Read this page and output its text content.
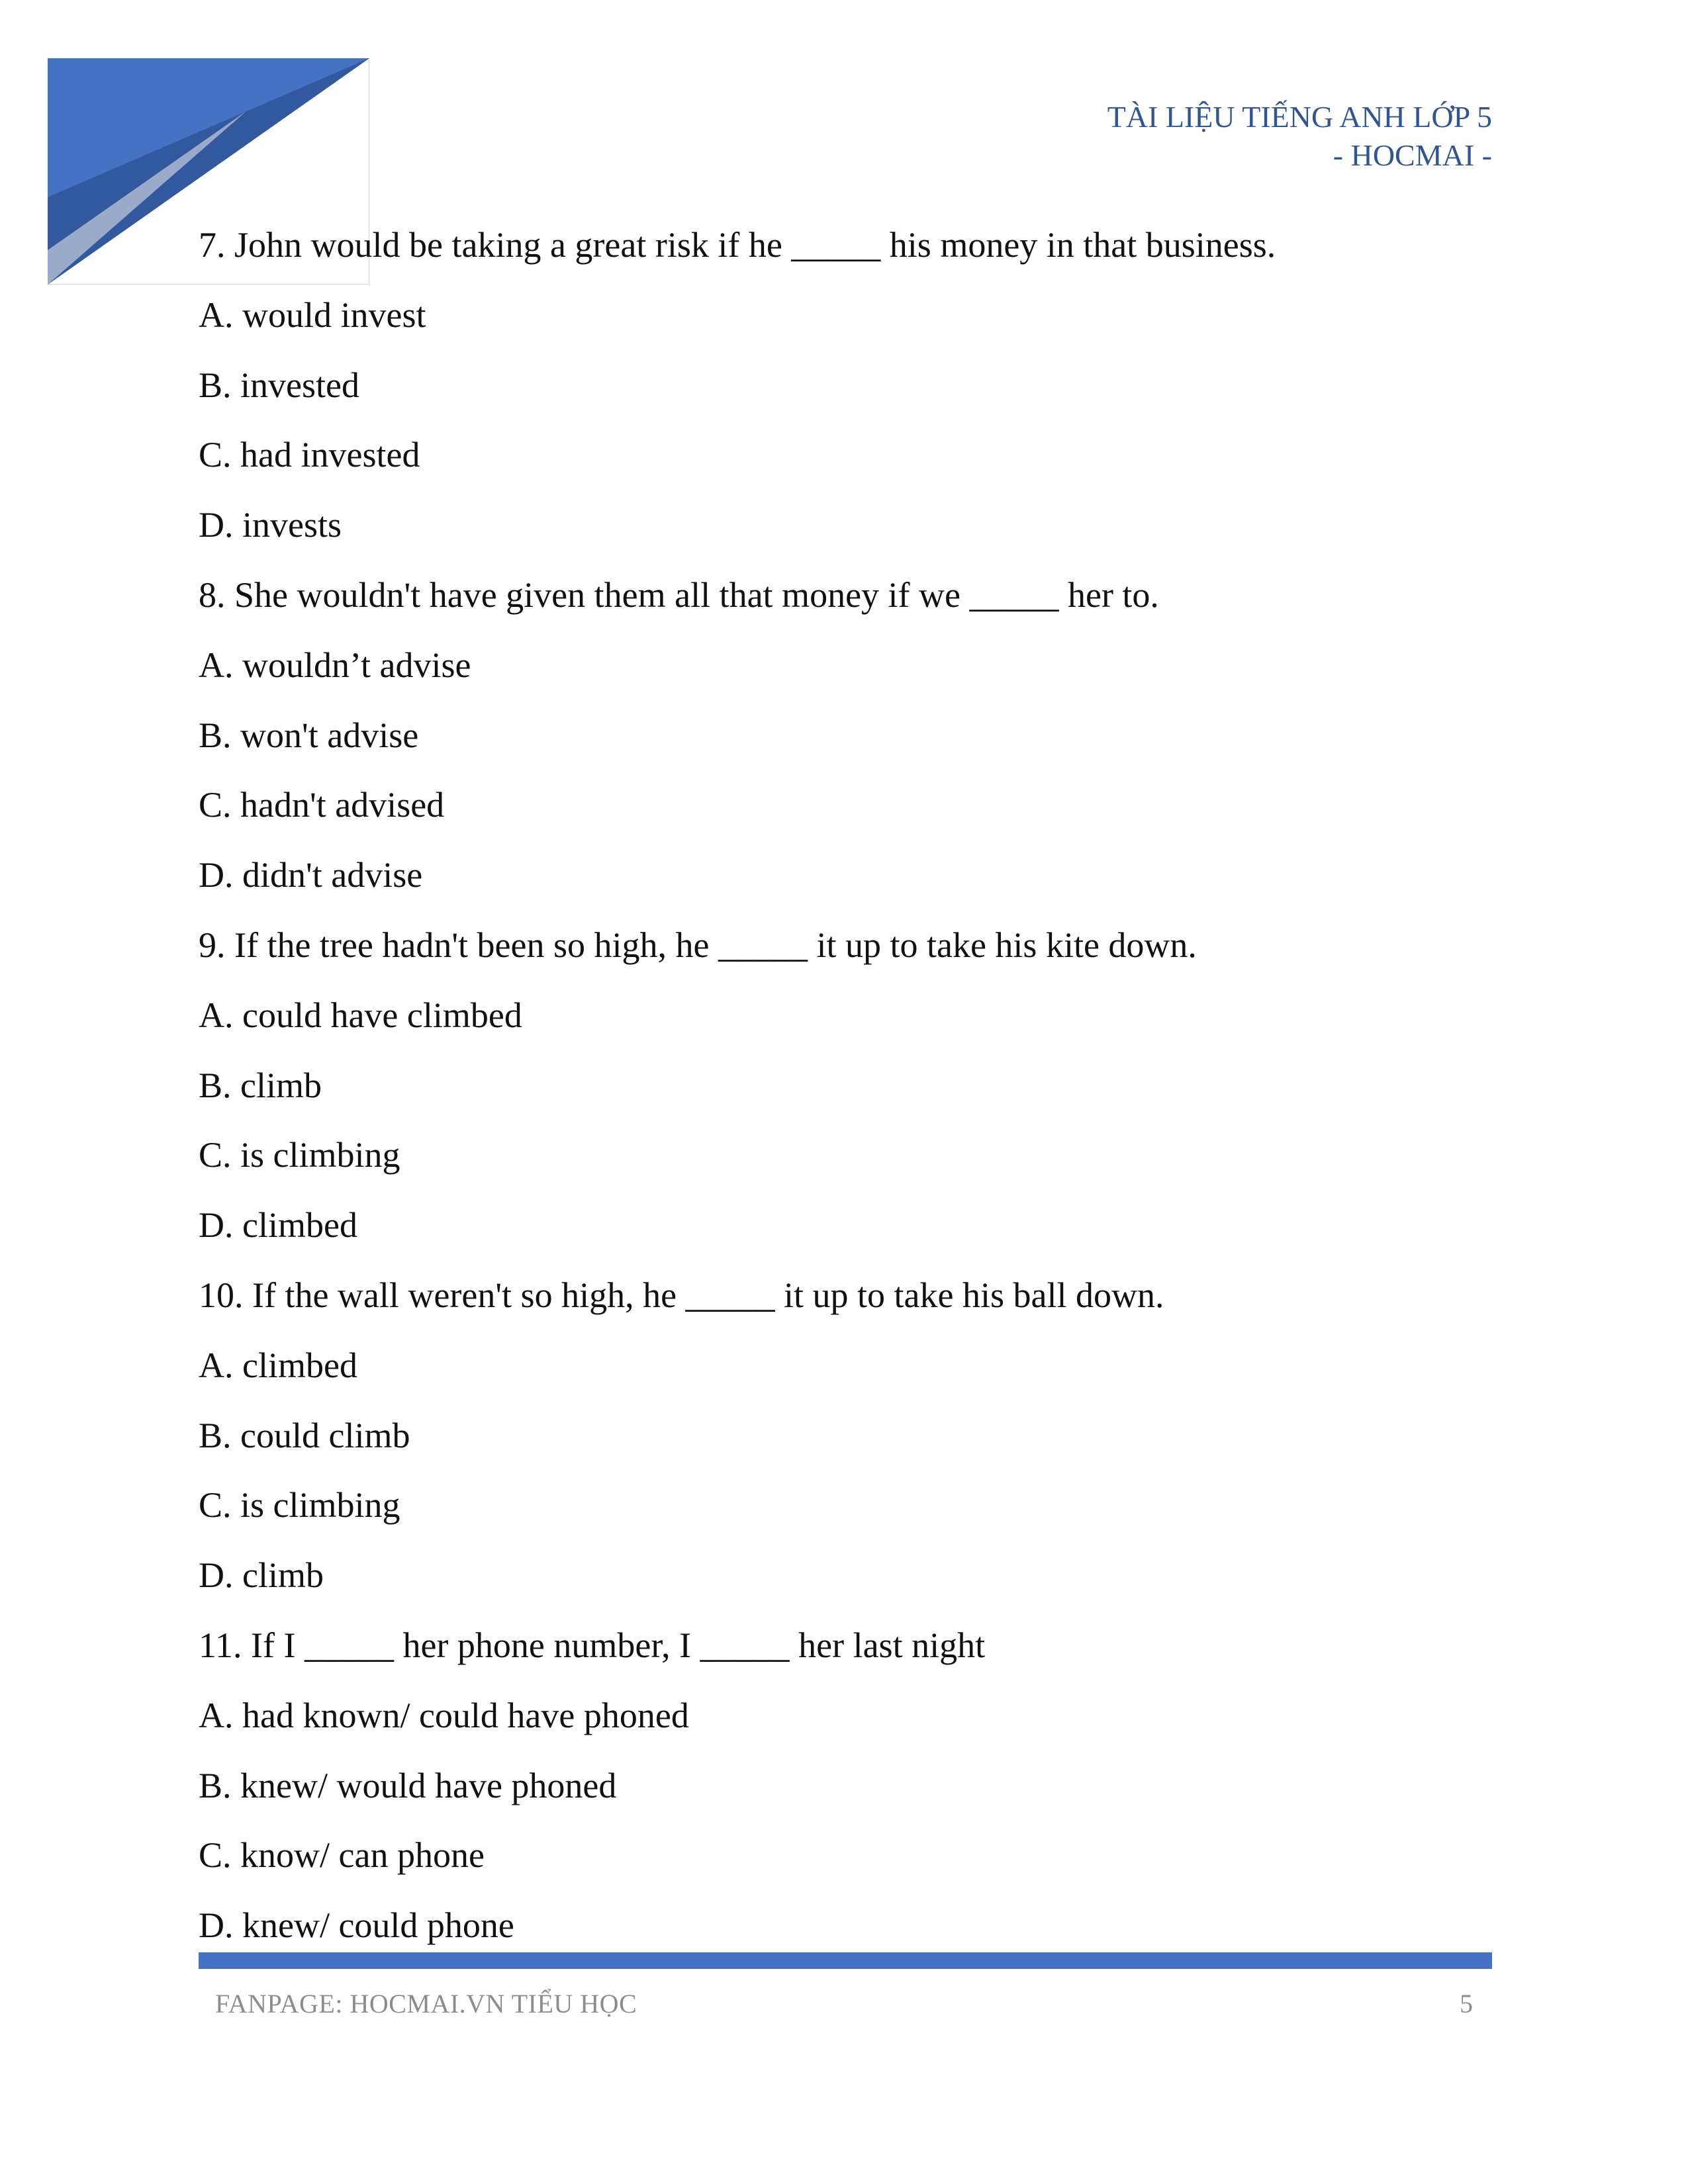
TÀI LIỆU TIẾNG ANH LỚP 5
- HOCMAI -
7. John would be taking a great risk if he _____ his money in that business.
A. would invest
B. invested
C. had invested
D. invests
8. She wouldn't have given them all that money if we _____ her to.
A. wouldn’t advise
B. won't advise
C. hadn't advised
D. didn't advise
9. If the tree hadn't been so high, he _____ it up to take his kite down.
A. could have climbed
B. climb
C. is climbing
D. climbed
10. If the wall weren't so high, he _____ it up to take his ball down.
A. climbed
B. could climb
C. is climbing
D. climb
11. If I _____ her phone number, I _____ her last night
A. had known/ could have phoned
B. knew/ would have phoned
C. know/ can phone
D. knew/ could phone
FANPAGE: HOCMAI.VN TIỂU HỌC	5
